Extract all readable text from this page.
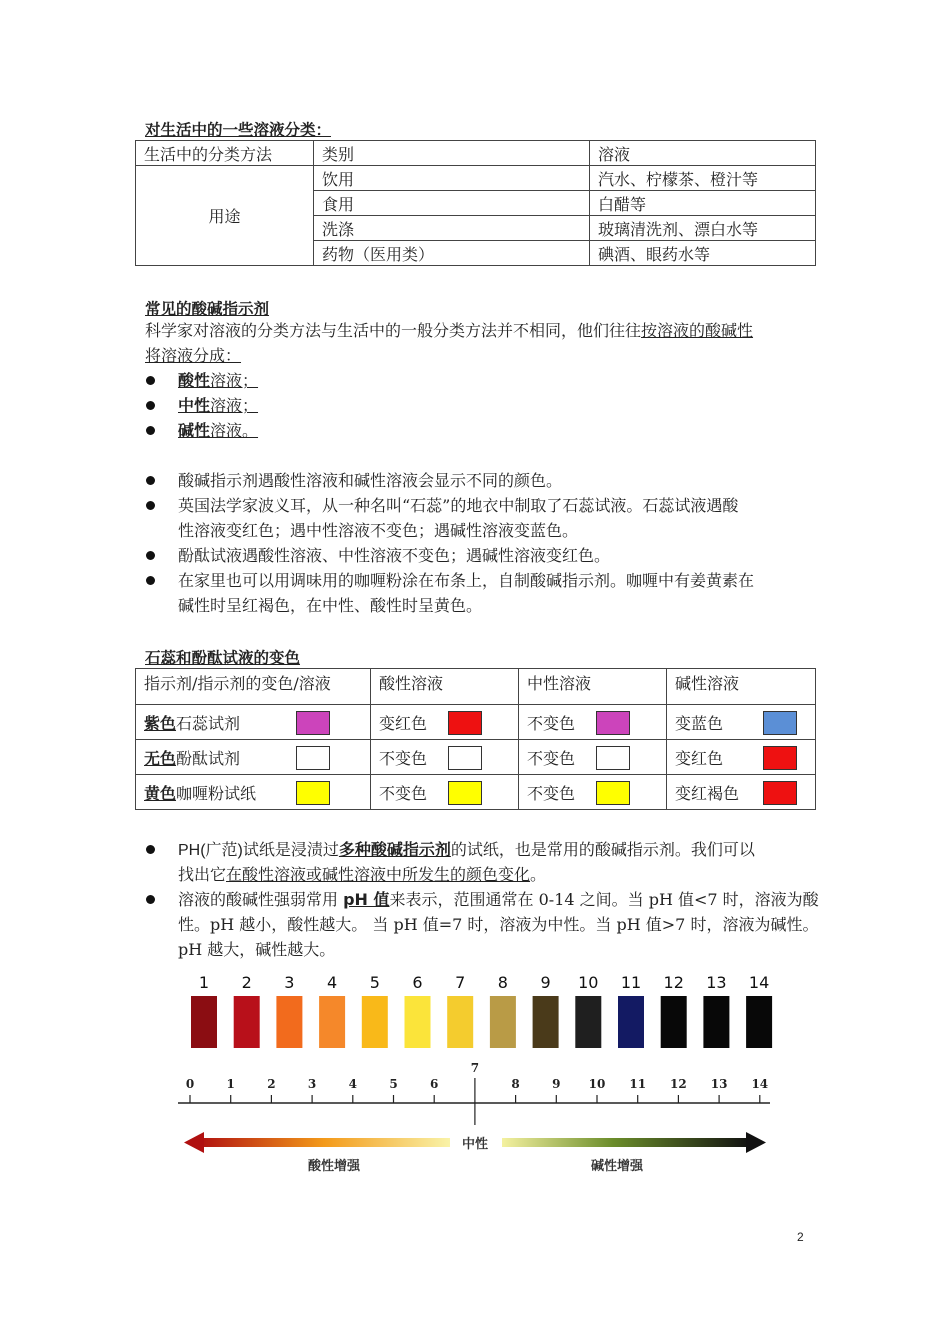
对生活中的一些溶液分类：
生活中的分类方法	类别	溶液
用途	饮用	汽水、柠檬茶、橙汁等
	食用	白醋等
	洗涤	玻璃清洗剂、漂白水等
	药物（医用类）	碘酒、眼药水等
常见的酸碱指示剂
科学家对溶液的分类方法与生活中的一般分类方法并不相同，他们往往按溶液的酸碱性
将溶液分成：
酸性溶液；
中性溶液；
碱性溶液。
酸碱指示剂遇酸性溶液和碱性溶液会显示不同的颜色。
英国法学家波义耳，从一种名叫“石蕊”的地衣中制取了石蕊试液。石蕊试液遇酸
性溶液变红色；遇中性溶液不变色；遇碱性溶液变蓝色。
酚酞试液遇酸性溶液、中性溶液不变色；遇碱性溶液变红色。
在家里也可以用调味用的咖喱粉涂在布条上，自制酸碱指示剂。咖喱中有姜黄素在
碱性时呈红褐色，在中性、酸性时呈黄色。
石蕊和酚酞试液的变色
指示剂/指示剂的变色/溶液	酸性溶液	中性溶液	碱性溶液

紫色石蕊试剂	变红色	不变色	变蓝色

无色酚酞试剂	不变色	不变色	变红色

黄色咖喱粉试纸	不变色	不变色	变红褐色
PH(广范)试纸是浸渍过多种酸碱指示剂的试纸，也是常用的酸碱指示剂。我们可以
找出它在酸性溶液或碱性溶液中所发生的颜色变化。
溶液的酸碱性强弱常用 pH 值来表示，范围通常在 0-14 之间。当 pH 值<7 时，溶液为酸
性。pH 越小，酸性越大。 当 pH 值=7 时，溶液为中性。当 pH 值>7 时，溶液为碱性。
pH 越大，碱性越大。
1 2 3 4 5 6 7 8 9 10 11 12 13 14
0	1	2	3	4	5	6
7
8	9 10 11 12 13 14
中性
酸性增强	碱性增强
2
